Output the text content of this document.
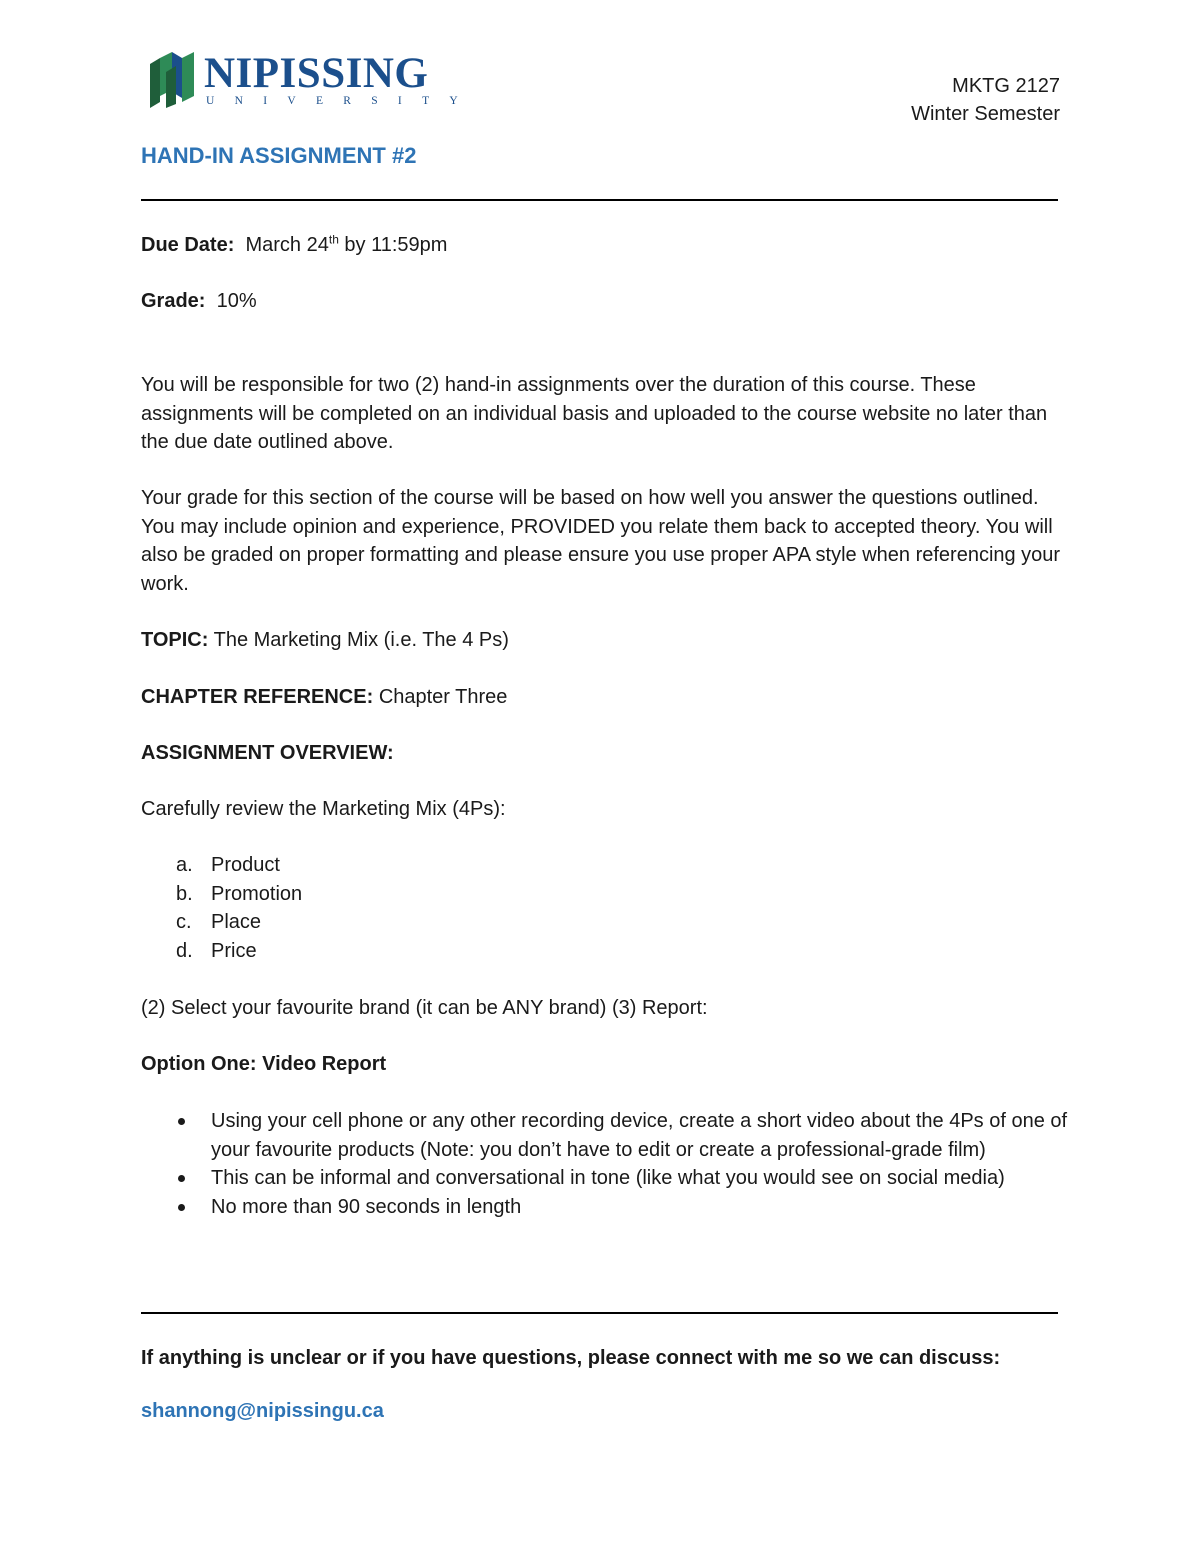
NIPISSING
UNIVERSITY
MKTG 2127
Winter Semester
HAND-IN ASSIGNMENT #2
Due Date: March 24th by 11:59pm
Grade: 10%
You will be responsible for two (2) hand-in assignments over the duration of this course. These assignments will be completed on an individual basis and uploaded to the course website no later than the due date outlined above.
Your grade for this section of the course will be based on how well you answer the questions outlined. You may include opinion and experience, PROVIDED you relate them back to accepted theory. You will also be graded on proper formatting and please ensure you use proper APA style when referencing your work.
TOPIC: The Marketing Mix (i.e. The 4 Ps)
CHAPTER REFERENCE: Chapter Three
ASSIGNMENT OVERVIEW:
Carefully review the Marketing Mix (4Ps):
a. Product
b. Promotion
c. Place
d. Price
(2) Select your favourite brand (it can be ANY brand) (3) Report:
Option One: Video Report
Using your cell phone or any other recording device, create a short video about the 4Ps of one of your favourite products (Note: you don’t have to edit or create a professional-grade film)
This can be informal and conversational in tone (like what you would see on social media)
No more than 90 seconds in length
If anything is unclear or if you have questions, please connect with me so we can discuss:
shannong@nipissingu.ca
